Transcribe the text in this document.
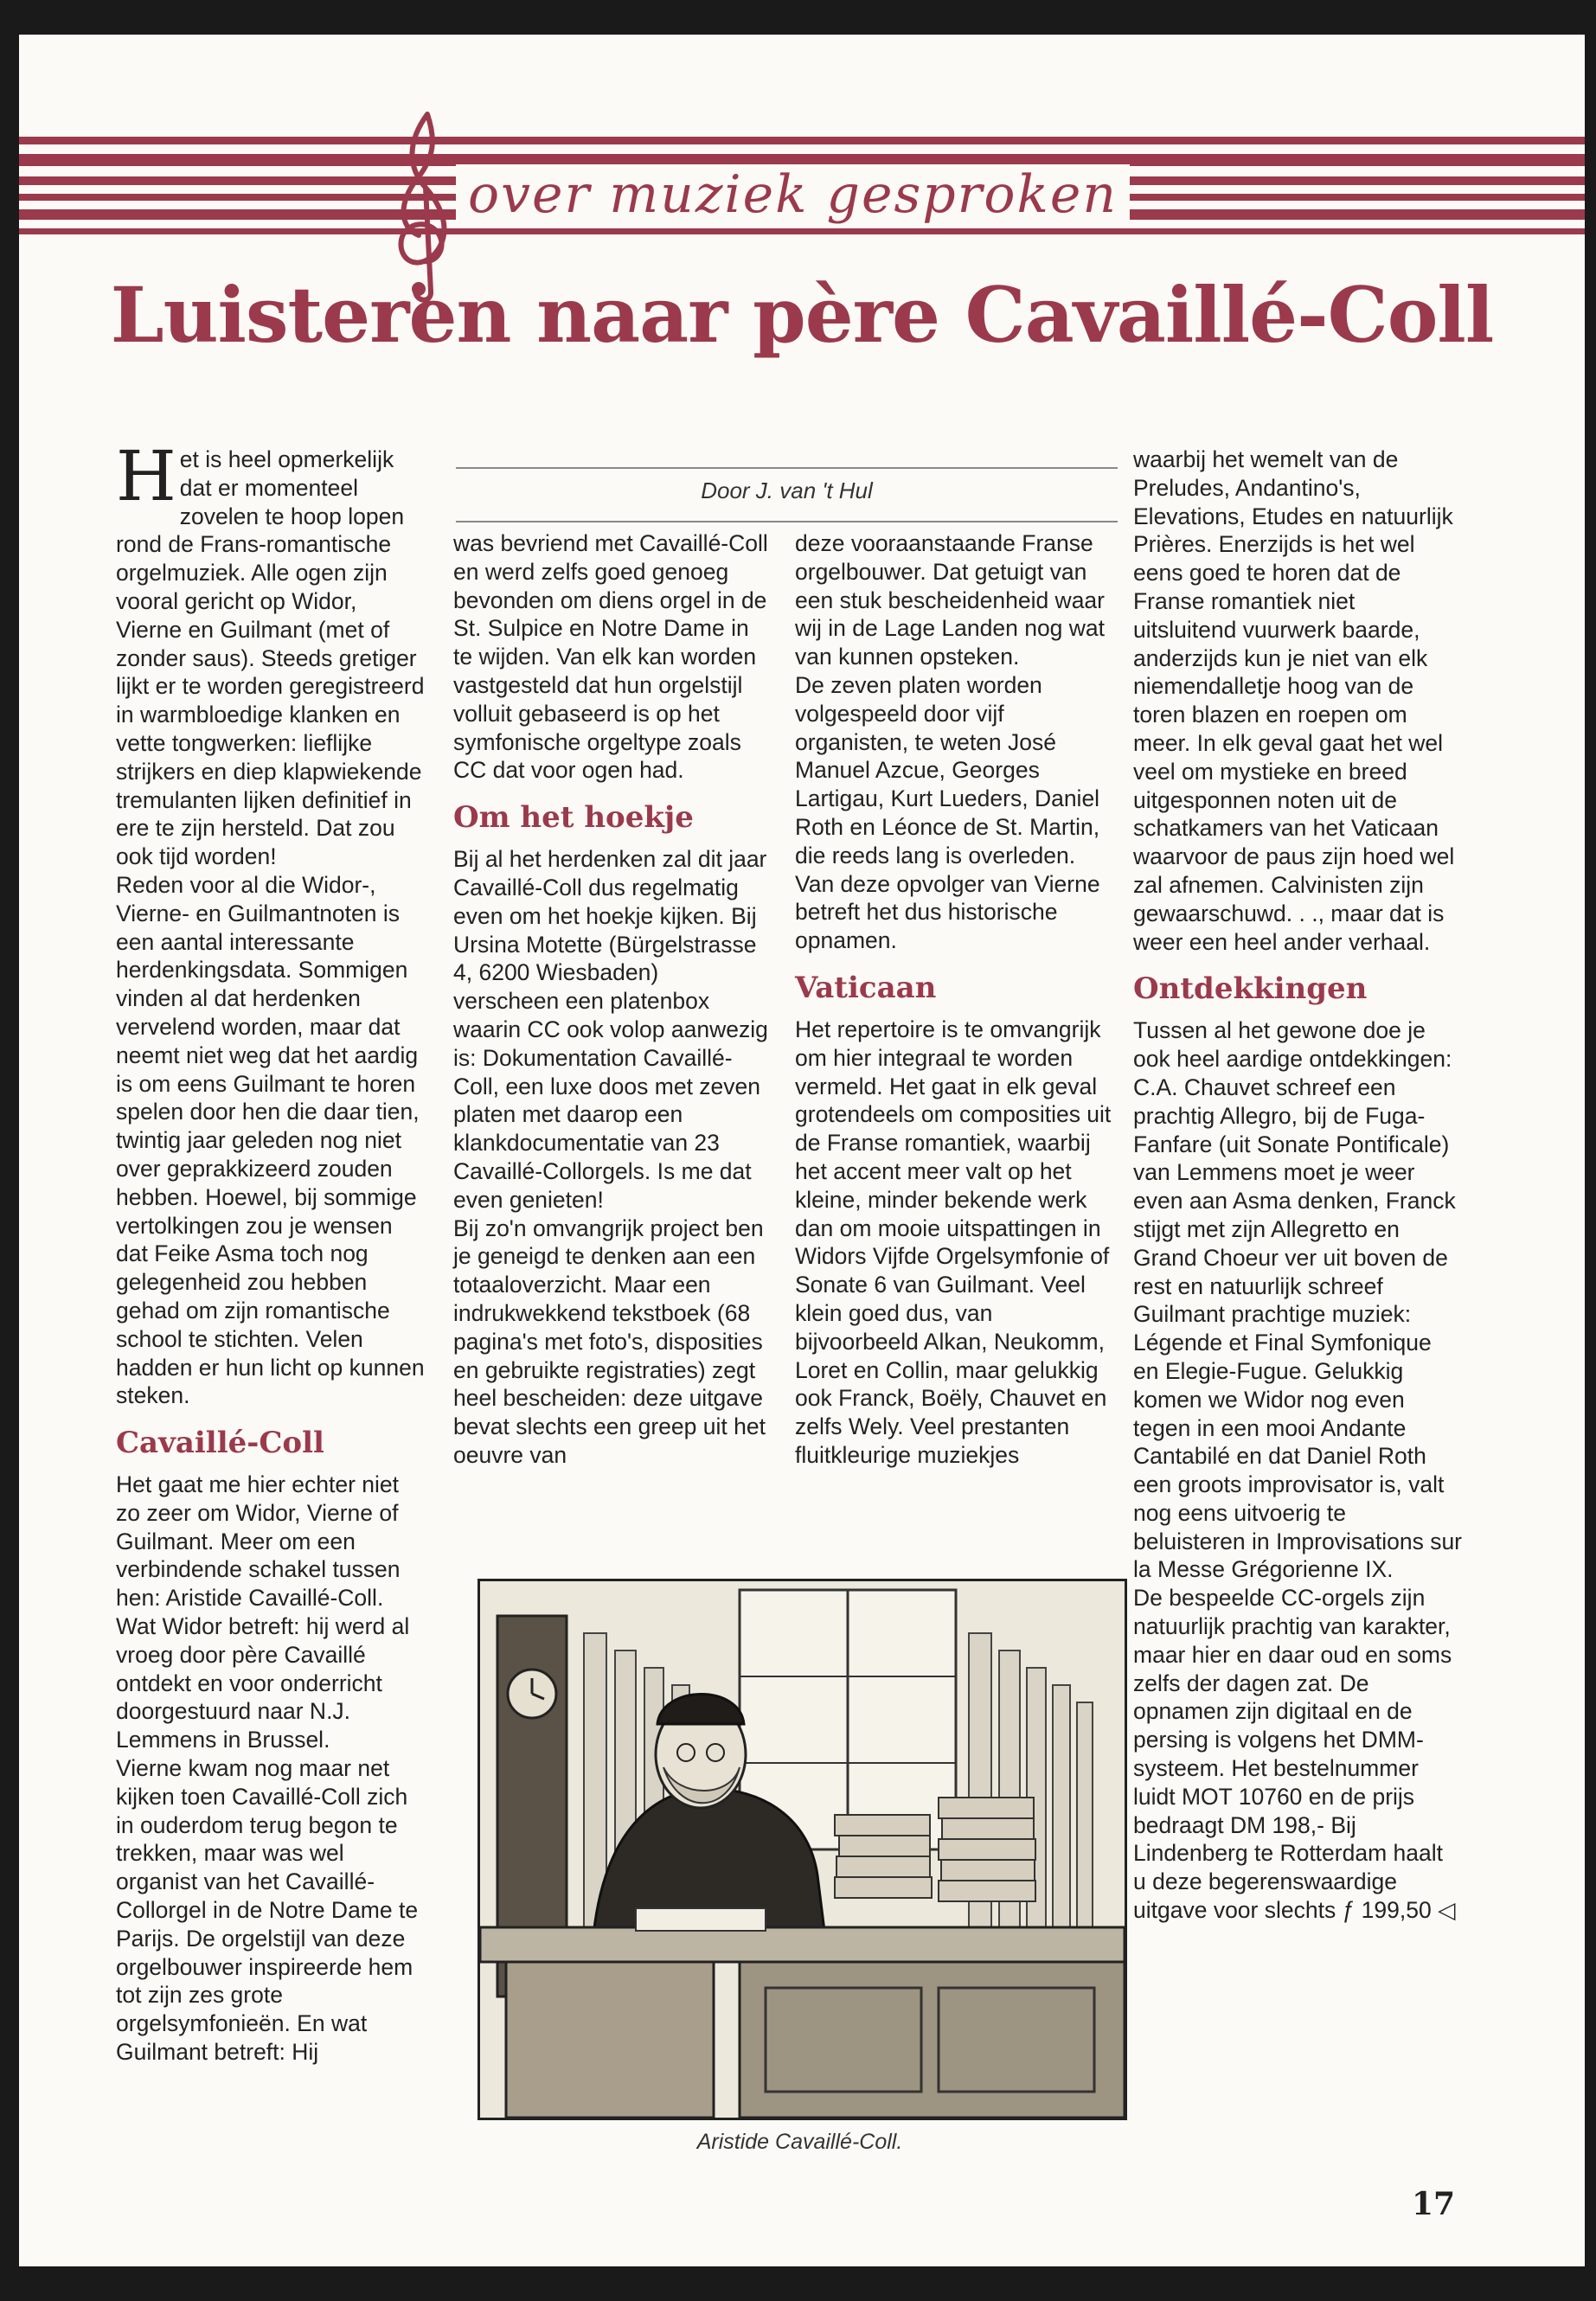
over muziek gesproken
Luisteren naar père Cavaillé-Coll
Door J. van 't Hul

Het is heel opmerkelijk dat er momenteel zovelen te hoop lopen rond de Frans-romantische orgelmuziek. Alle ogen zijn vooral gericht op Widor, Vierne en Guilmant (met of zonder saus). Steeds gretiger lijkt er te worden geregistreerd in warmbloedige klanken en vette tongwerken: lieflijke strijkers en diep klapwiekende tremulanten lijken definitief in ere te zijn hersteld. Dat zou ook tijd worden!

Reden voor al die Widor-, Vierne- en Guilmantnoten is een aantal interessante herdenkingsdata. Sommigen vinden al dat herdenken vervelend worden, maar dat neemt niet weg dat het aardig is om eens Guilmant te horen spelen door hen die daar tien, twintig jaar geleden nog niet over geprakkizeerd zouden hebben. Hoewel, bij sommige vertolkingen zou je wensen dat Feike Asma toch nog gelegenheid zou hebben gehad om zijn romantische school te stichten. Velen hadden er hun licht op kunnen steken.

Cavaillé-Coll

Het gaat me hier echter niet zo zeer om Widor, Vierne of Guilmant. Meer om een verbindende schakel tussen hen: Aristide Cavaillé-Coll. Wat Widor betreft: hij werd al vroeg door père Cavaillé ontdekt en voor onderricht doorgestuurd naar N.J. Lemmens in Brussel.

Vierne kwam nog maar net kijken toen Cavaillé-Coll zich in ouderdom terug begon te trekken, maar was wel organist van het Cavaillé-Collorgel in de Notre Dame te Parijs. De orgelstijl van deze orgelbouwer inspireerde hem tot zijn zes grote orgelsymfonieën. En wat Guilmant betreft: Hij

was bevriend met Cavaillé-Coll en werd zelfs goed genoeg bevonden om diens orgel in de St. Sulpice en Notre Dame in te wijden. Van elk kan worden vastgesteld dat hun orgelstijl volluit gebaseerd is op het symfonische orgeltype zoals CC dat voor ogen had.

Om het hoekje

Bij al het herdenken zal dit jaar Cavaillé-Coll dus regelmatig even om het hoekje kijken. Bij Ursina Motette (Bürgelstrasse 4, 6200 Wiesbaden) verscheen een platenbox waarin CC ook volop aanwezig is: Dokumentation Cavaillé-Coll, een luxe doos met zeven platen met daarop een klankdocumentatie van 23 Cavaillé-Collorgels. Is me dat even genieten!

Bij zo'n omvangrijk project ben je geneigd te denken aan een totaaloverzicht. Maar een indrukwekkend tekstboek (68 pagina's met foto's, disposities en gebruikte registraties) zegt heel bescheiden: deze uitgave bevat slechts een greep uit het oeuvre van

deze vooraanstaande Franse orgelbouwer. Dat getuigt van een stuk bescheidenheid waar wij in de Lage Landen nog wat van kunnen opsteken.

De zeven platen worden volgespeeld door vijf organisten, te weten José Manuel Azcue, Georges Lartigau, Kurt Lueders, Daniel Roth en Léonce de St. Martin, die reeds lang is overleden. Van deze opvolger van Vierne betreft het dus historische opnamen.

Vaticaan

Het repertoire is te omvangrijk om hier integraal te worden vermeld. Het gaat in elk geval grotendeels om composities uit de Franse romantiek, waarbij het accent meer valt op het kleine, minder bekende werk dan om mooie uitspattingen in Widors Vijfde Orgelsymfonie of Sonate 6 van Guilmant. Veel klein goed dus, van bijvoorbeeld Alkan, Neukomm, Loret en Collin, maar gelukkig ook Franck, Boëly, Chauvet en zelfs Wely. Veel prestanten fluitkleurige muziekjes

waarbij het wemelt van de Preludes, Andantino's, Elevations, Etudes en natuurlijk Prières. Enerzijds is het wel eens goed te horen dat de Franse romantiek niet uitsluitend vuurwerk baarde, anderzijds kun je niet van elk niemendalletje hoog van de toren blazen en roepen om meer. In elk geval gaat het wel veel om mystieke en breed uitgesponnen noten uit de schatkamers van het Vaticaan waarvoor de paus zijn hoed wel zal afnemen. Calvinisten zijn gewaarschuwd. . ., maar dat is weer een heel ander verhaal.

Ontdekkingen

Tussen al het gewone doe je ook heel aardige ontdekkingen: C.A. Chauvet schreef een prachtig Allegro, bij de Fuga-Fanfare (uit Sonate Pontificale) van Lemmens moet je weer even aan Asma denken, Franck stijgt met zijn Allegretto en Grand Choeur ver uit boven de rest en natuurlijk schreef Guilmant prachtige muziek: Légende et Final Symfonique en Elegie-Fugue. Gelukkig komen we Widor nog even tegen in een mooi Andante Cantabilé en dat Daniel Roth een groots improvisator is, valt nog eens uitvoerig te beluisteren in Improvisations sur la Messe Grégorienne IX.

De bespeelde CC-orgels zijn natuurlijk prachtig van karakter, maar hier en daar oud en soms zelfs der dagen zat. De opnamen zijn digitaal en de persing is volgens het DMM-systeem. Het bestelnummer luidt MOT 10760 en de prijs bedraagt DM 198,- Bij Lindenberg te Rotterdam haalt u deze begerenswaardige uitgave voor slechts ƒ 199,50 ◁

Aristide Cavaillé-Coll.
17
